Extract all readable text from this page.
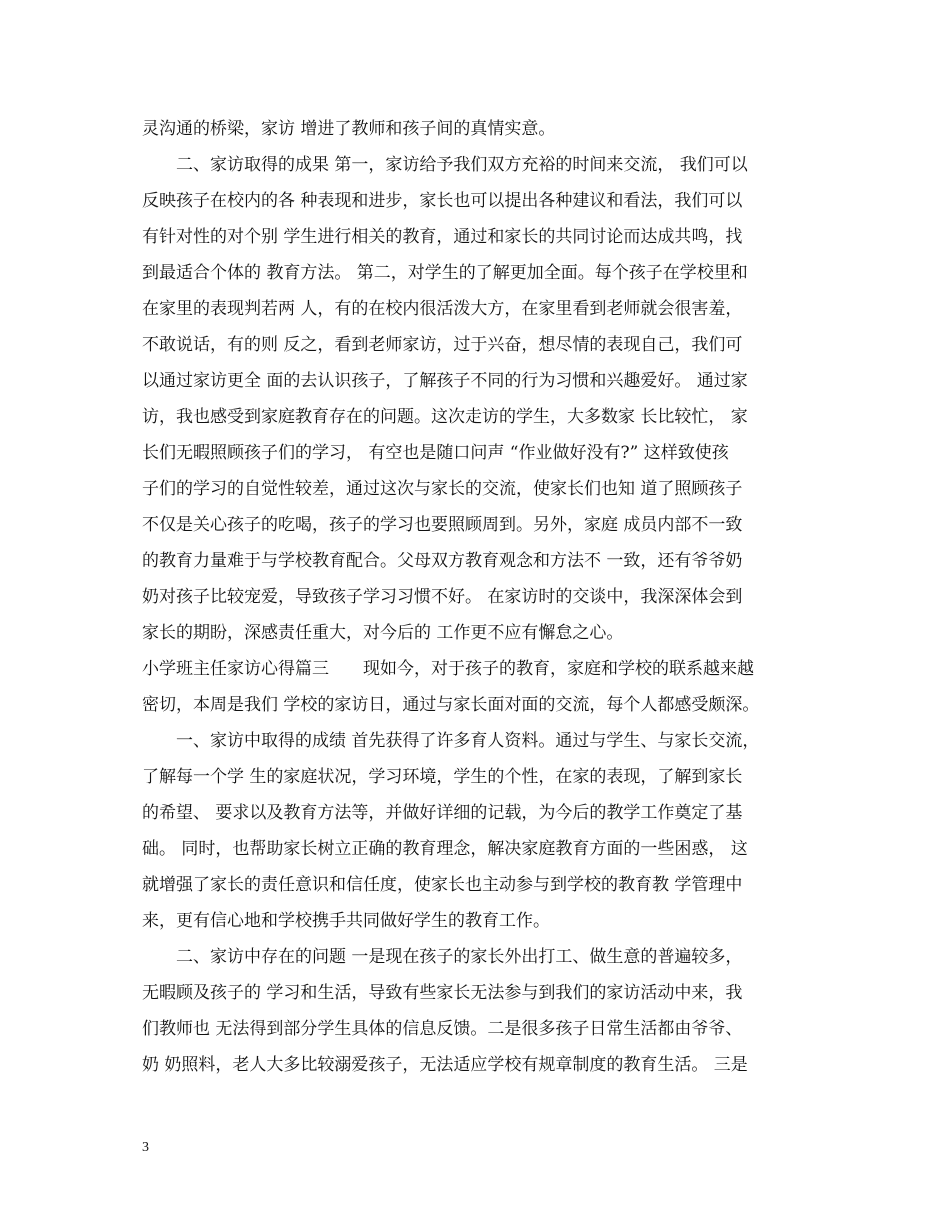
灵沟通的桥梁，家访 增进了教师和孩子间的真情实意。
　　二、家访取得的成果 第一，家访给予我们双方充裕的时间来交流， 我们可以
反映孩子在校内的各 种表现和进步，家长也可以提出各种建议和看法，我们可以
有针对性的对个别 学生进行相关的教育，通过和家长的共同讨论而达成共鸣，找
到最适合个体的 教育方法。 第二，对学生的了解更加全面。每个孩子在学校里和
在家里的表现判若两 人，有的在校内很活泼大方，在家里看到老师就会很害羞，
不敢说话，有的则 反之，看到老师家访，过于兴奋，想尽情的表现自己，我们可
以通过家访更全 面的去认识孩子，了解孩子不同的行为习惯和兴趣爱好。 通过家
访，我也感受到家庭教育存在的问题。这次走访的学生，大多数家 长比较忙， 家
长们无暇照顾孩子们的学习， 有空也是随口问声 “作业做好没有?” 这样致使孩
子们的学习的自觉性较差，通过这次与家长的交流，使家长们也知 道了照顾孩子
不仅是关心孩子的吃喝，孩子的学习也要照顾周到。另外，家庭 成员内部不一致
的教育力量难于与学校教育配合。父母双方教育观念和方法不 一致，还有爷爷奶
奶对孩子比较宠爱，导致孩子学习习惯不好。 在家访时的交谈中，我深深体会到
家长的期盼，深感责任重大，对今后的 工作更不应有懈怠之心。
小学班主任家访心得篇三　　现如今，对于孩子的教育，家庭和学校的联系越来越
密切，本周是我们 学校的家访日，通过与家长面对面的交流，每个人都感受颇深。
　　一、家访中取得的成绩 首先获得了许多育人资料。通过与学生、与家长交流，
了解每一个学 生的家庭状况，学习环境，学生的个性，在家的表现，了解到家长
的希望、 要求以及教育方法等，并做好详细的记载，为今后的教学工作奠定了基
础。 同时，也帮助家长树立正确的教育理念，解决家庭教育方面的一些困惑， 这
就增强了家长的责任意识和信任度，使家长也主动参与到学校的教育教 学管理中
来，更有信心地和学校携手共同做好学生的教育工作。
　　二、家访中存在的问题 一是现在孩子的家长外出打工、做生意的普遍较多，
无暇顾及孩子的 学习和生活，导致有些家长无法参与到我们的家访活动中来，我
们教师也 无法得到部分学生具体的信息反馈。二是很多孩子日常生活都由爷爷、
奶 奶照料，老人大多比较溺爱孩子，无法适应学校有规章制度的教育生活。 三是
3
